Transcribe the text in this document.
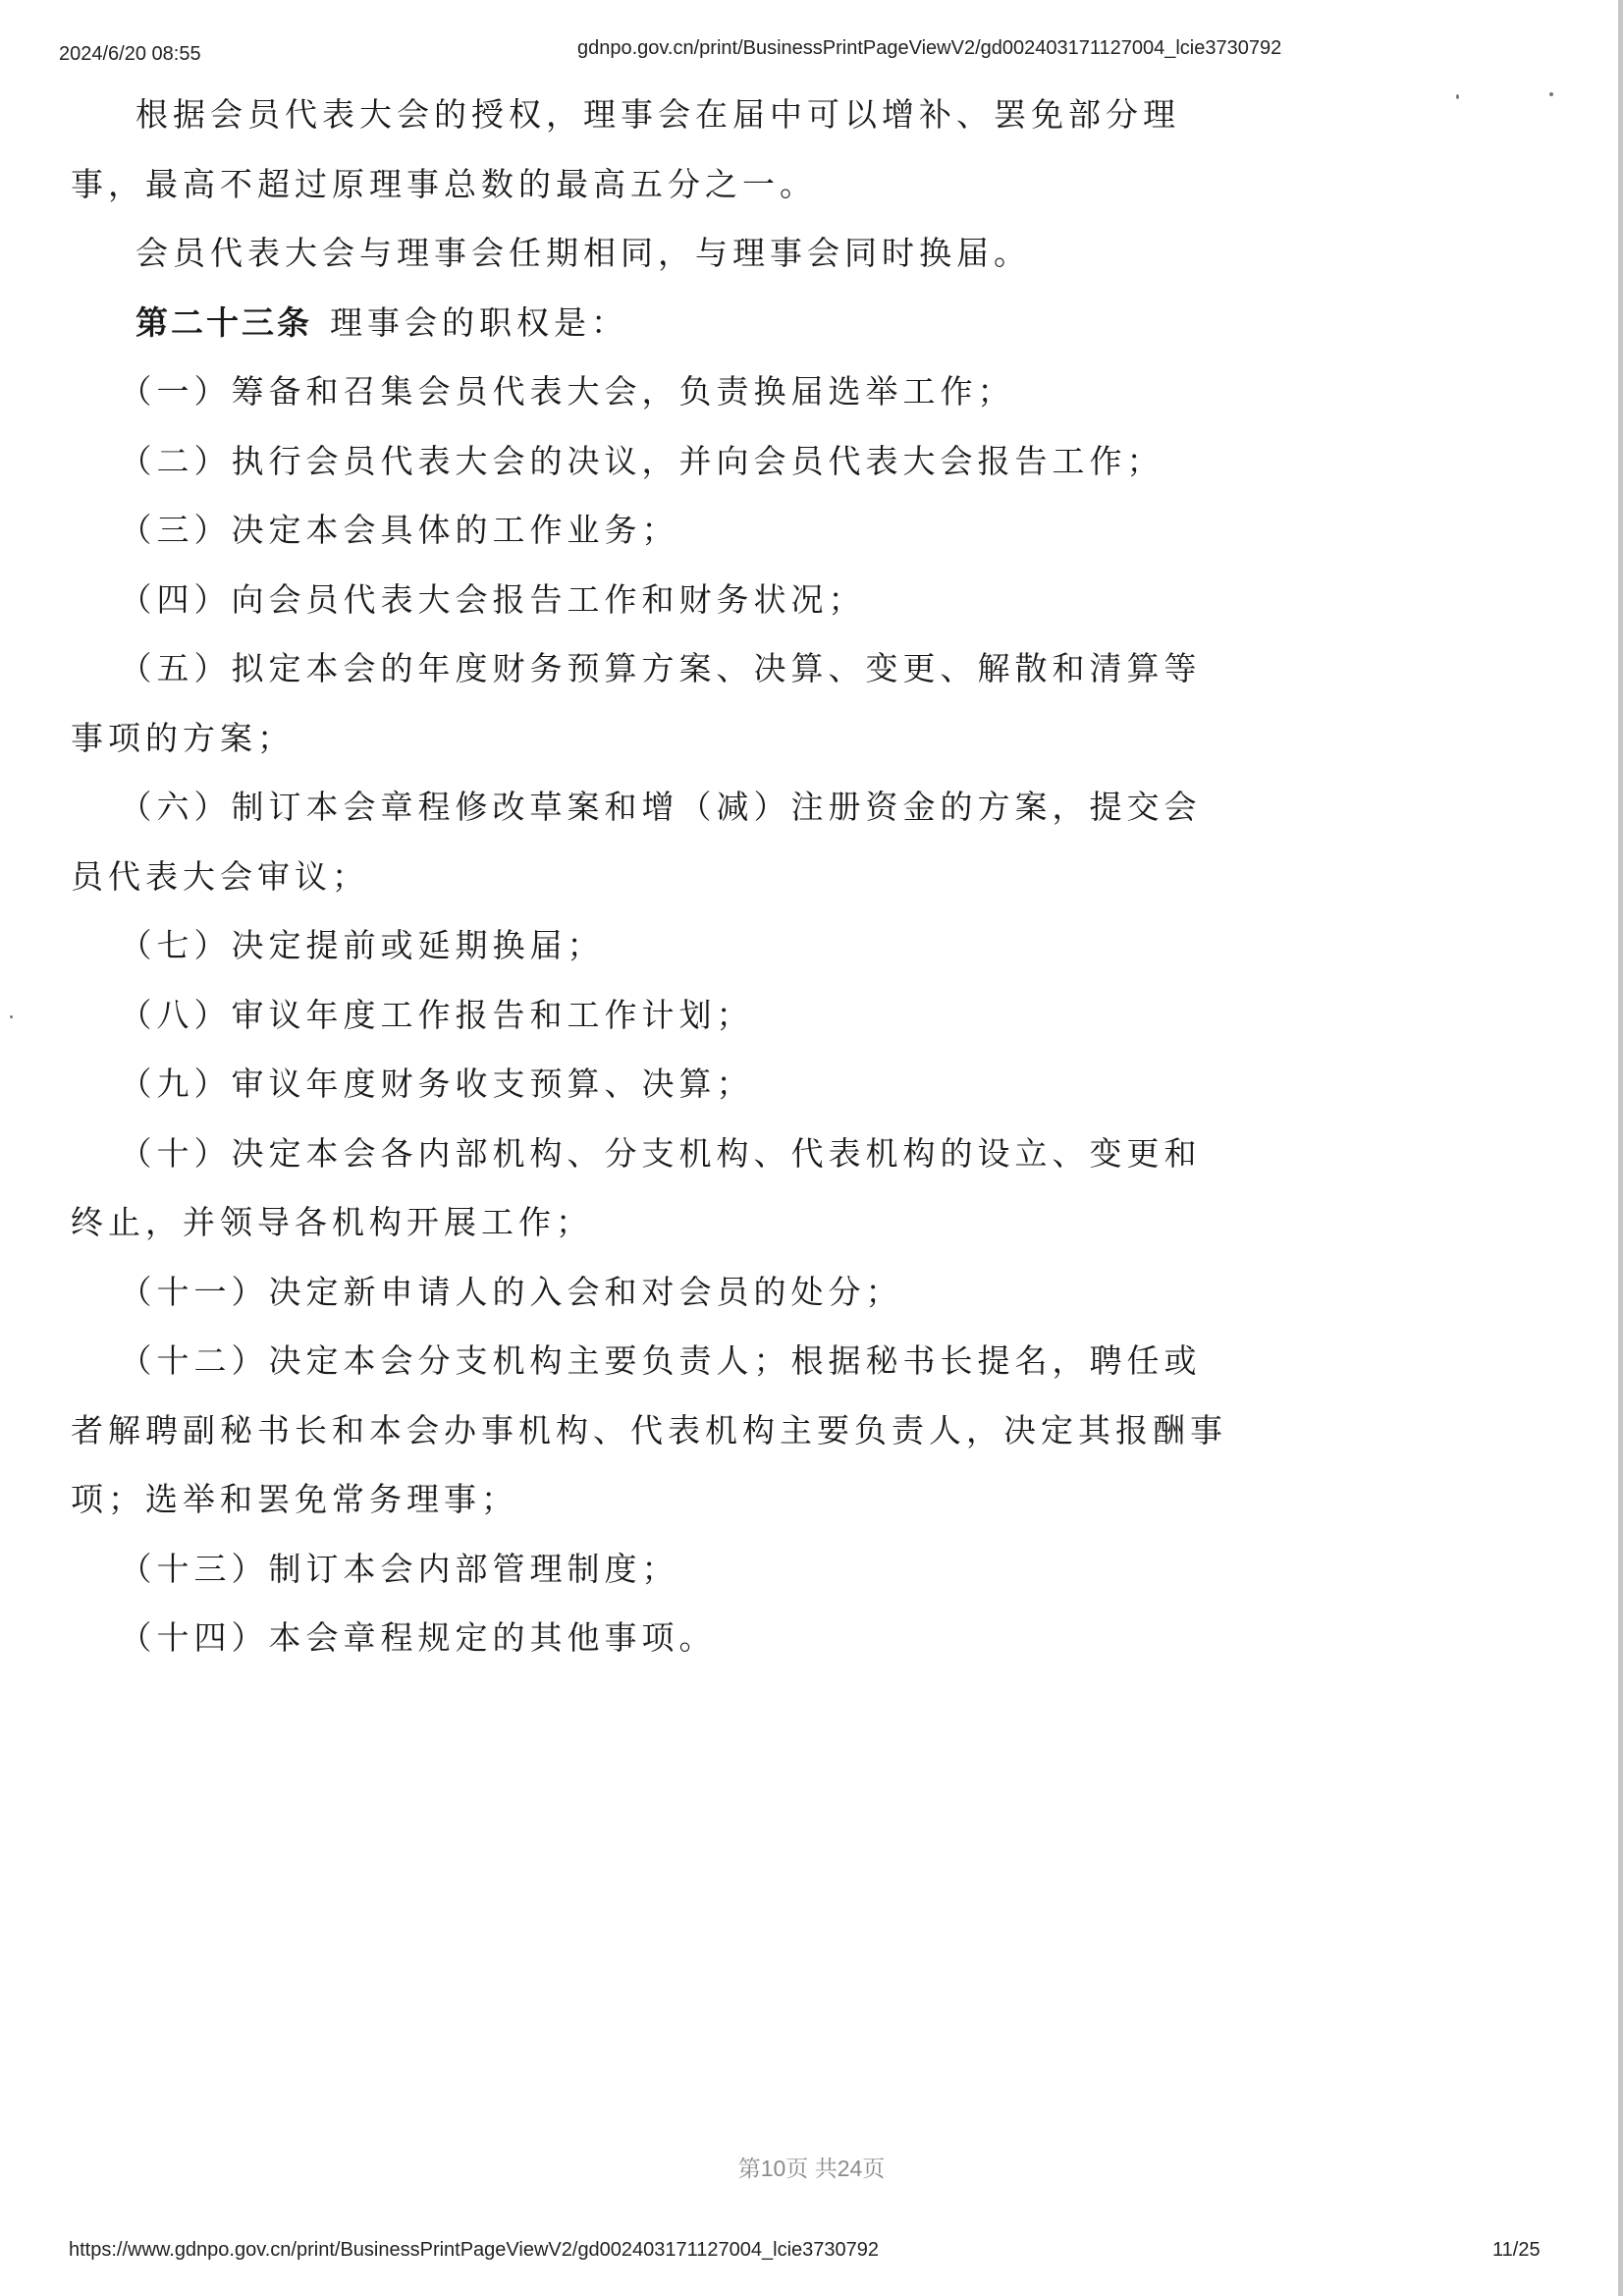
2024/6/20 08:55	gdnpo.gov.cn/print/BusinessPrintPageViewV2/gd002403171127004_lcie3730792

根据会员代表大会的授权，理事会在届中可以增补、罢免部分理事，最高不超过原理事总数的最高五分之一。

会员代表大会与理事会任期相同，与理事会同时换届。

第二十三条 理事会的职权是：

（一）筹备和召集会员代表大会，负责换届选举工作；

（二）执行会员代表大会的决议，并向会员代表大会报告工作；

（三）决定本会具体的工作业务；

（四）向会员代表大会报告工作和财务状况；

（五）拟定本会的年度财务预算方案、决算、变更、解散和清算等事项的方案；

（六）制订本会章程修改草案和增（减）注册资金的方案，提交会员代表大会审议；

（七）决定提前或延期换届；

（八）审议年度工作报告和工作计划；

（九）审议年度财务收支预算、决算；

（十）决定本会各内部机构、分支机构、代表机构的设立、变更和终止，并领导各机构开展工作；

（十一）决定新申请人的入会和对会员的处分；

（十二）决定本会分支机构主要负责人；根据秘书长提名，聘任或者解聘副秘书长和本会办事机构、代表机构主要负责人，决定其报酬事项；选举和罢免常务理事；

（十三）制订本会内部管理制度；

（十四）本会章程规定的其他事项。

第10页 共24页
https://www.gdnpo.gov.cn/print/BusinessPrintPageViewV2/gd002403171127004_lcie3730792	11/25
